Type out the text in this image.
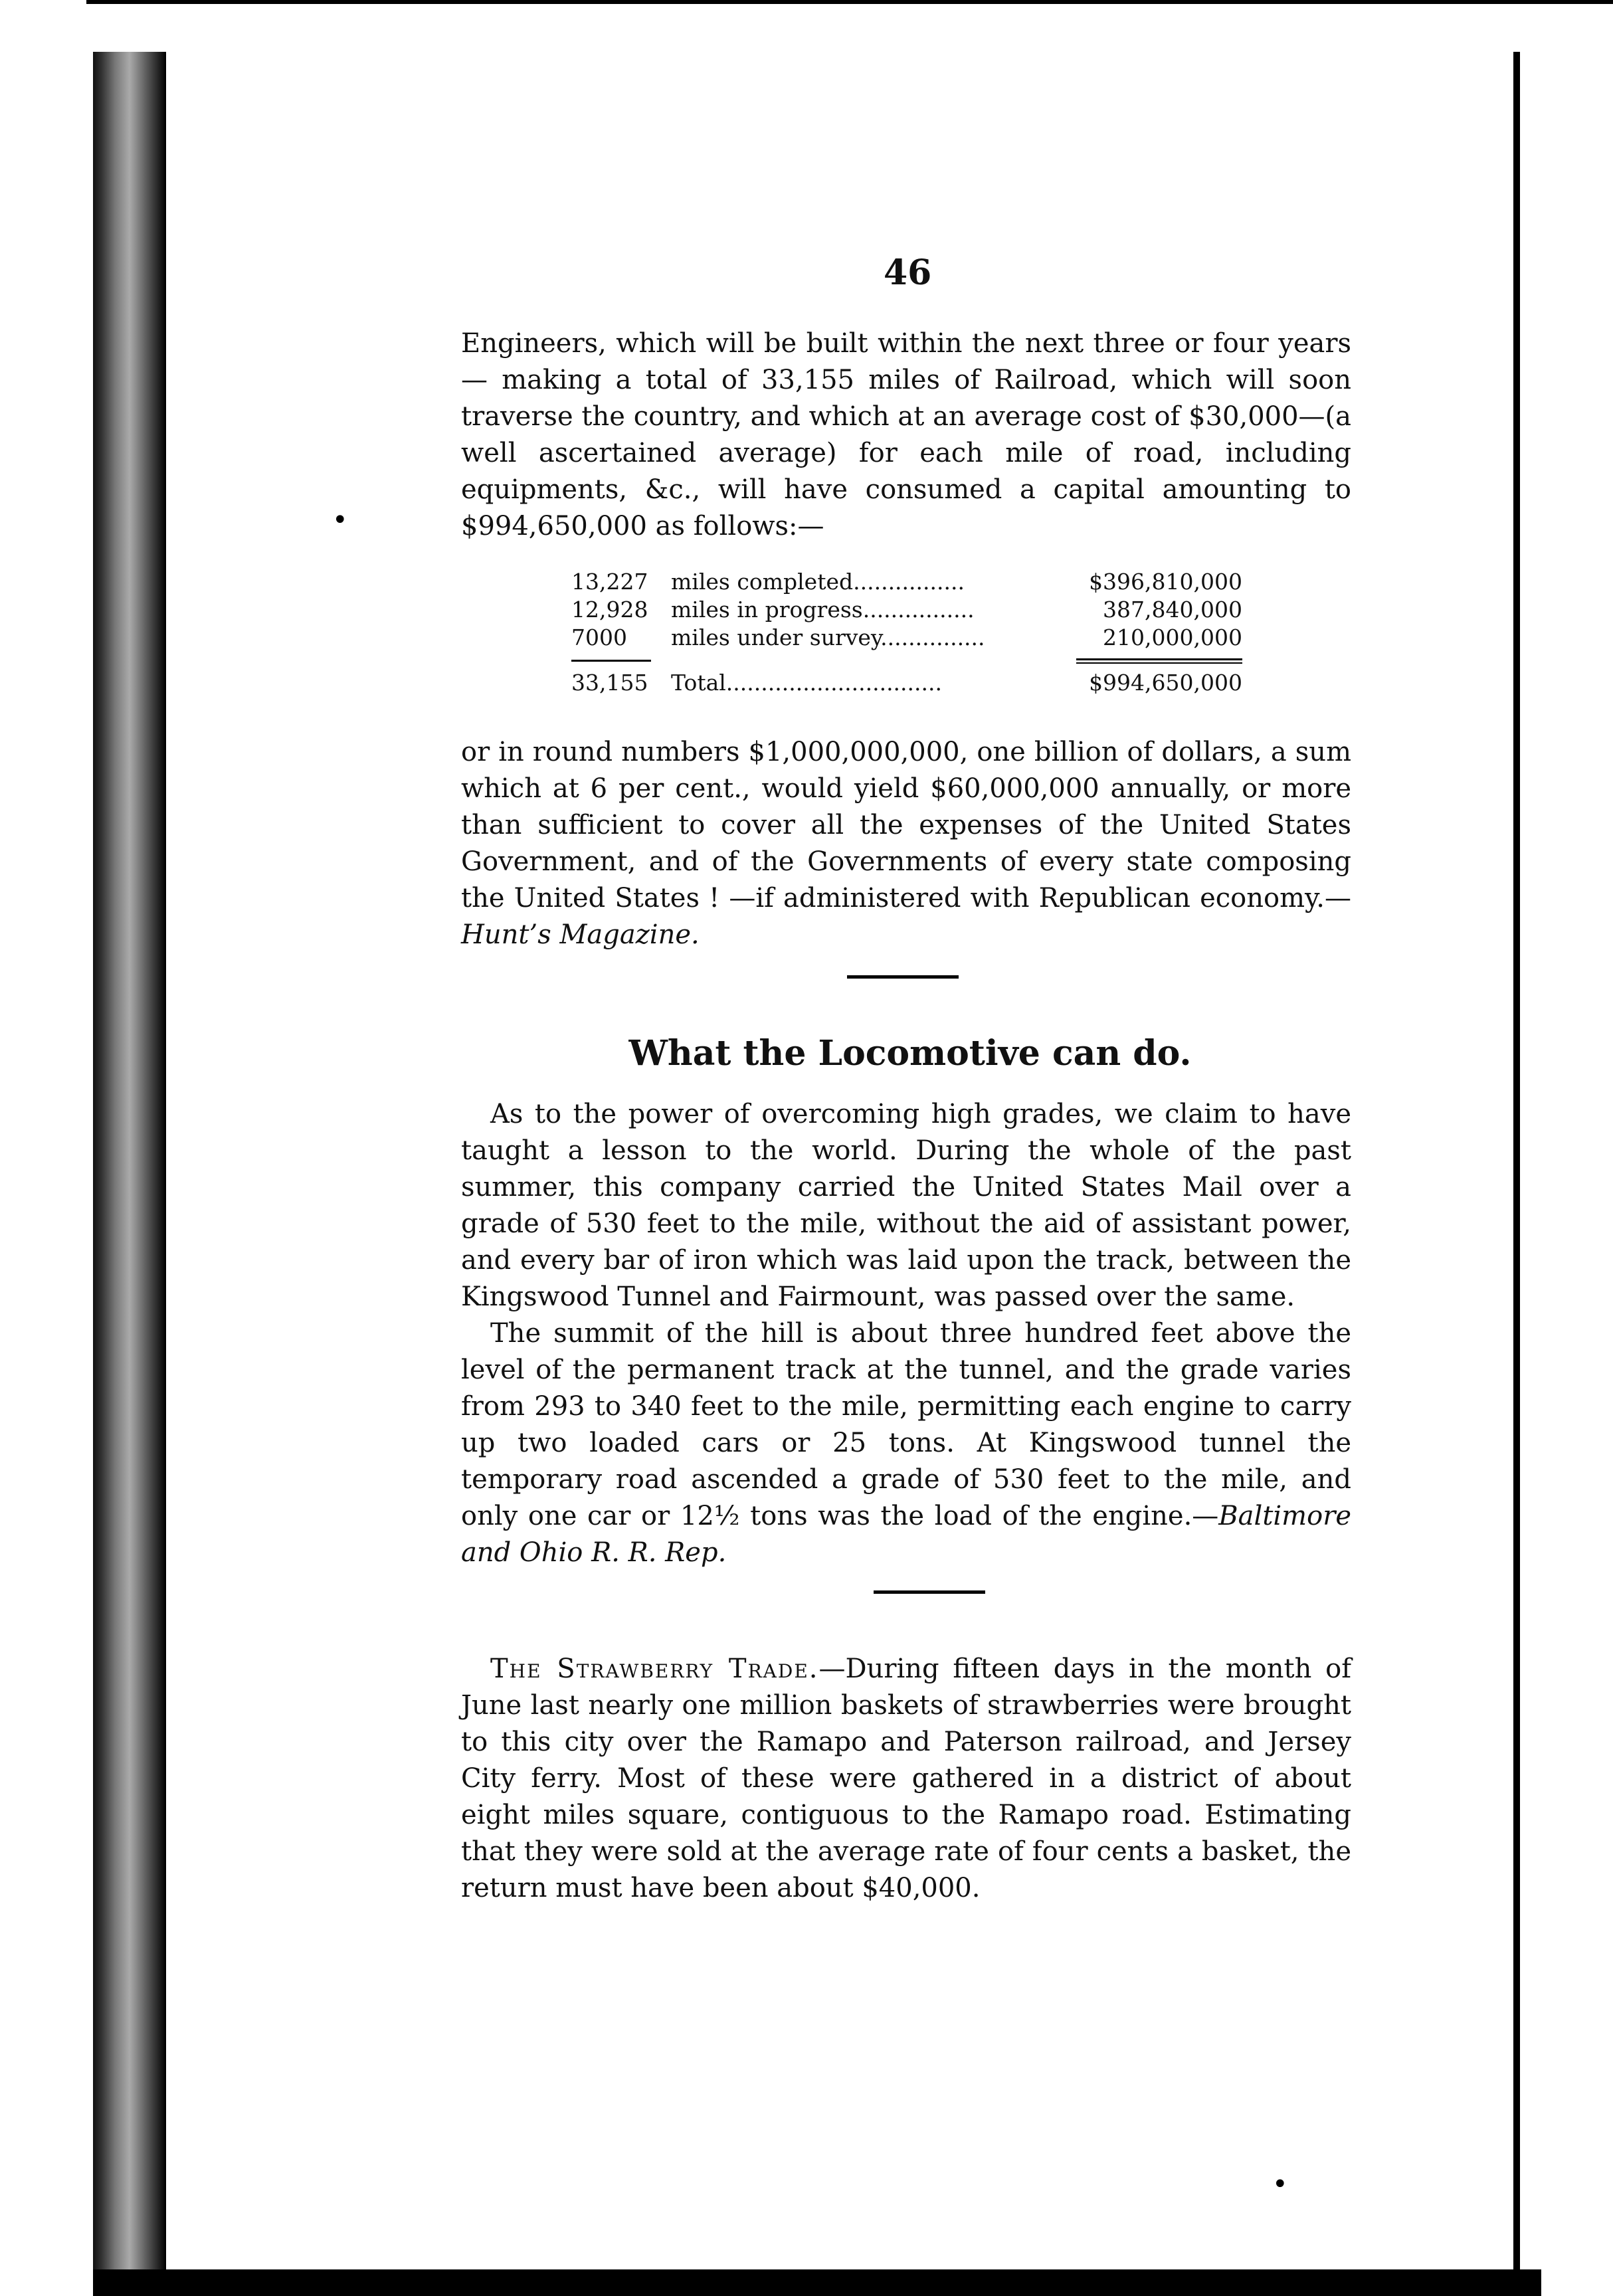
46

Engineers, which will be built within the next three or four years— making a total of 33,155 miles of Railroad, which will soon traverse the country, and which at an average cost of $30,000—(a well ascertained average) for each mile of road, including equipments, &c., will have consumed a capital amounting to $994,650,000 as follows:—

13,227	miles completed................	$396,810,000
12,928	miles in progress................	387,840,000
7000	miles under survey...............	210,000,000
33,155	Total...............................	$994,650,000

or in round numbers $1,000,000,000, one billion of dollars, a sum which at 6 per cent., would yield $60,000,000 annually, or more than sufficient to cover all the expenses of the United States Government, and of the Governments of every state composing the United States ! —if administered with Republican economy.—Hunt’s Magazine.

What the Locomotive can do.

As to the power of overcoming high grades, we claim to have taught a lesson to the world. During the whole of the past summer, this company carried the United States Mail over a grade of 530 feet to the mile, without the aid of assistant power, and every bar of iron which was laid upon the track, between the Kingswood Tunnel and Fairmount, was passed over the same.

The summit of the hill is about three hundred feet above the level of the permanent track at the tunnel, and the grade varies from 293 to 340 feet to the mile, permitting each engine to carry up two loaded cars or 25 tons. At Kingswood tunnel the temporary road ascended a grade of 530 feet to the mile, and only one car or 12½ tons was the load of the engine.—Baltimore and Ohio R. R. Rep.

The Strawberry Trade.—During fifteen days in the month of June last nearly one million baskets of strawberries were brought to this city over the Ramapo and Paterson railroad, and Jersey City ferry. Most of these were gathered in a district of about eight miles square, contiguous to the Ramapo road. Estimating that they were sold at the average rate of four cents a basket, the return must have been about $40,000.

•
•
